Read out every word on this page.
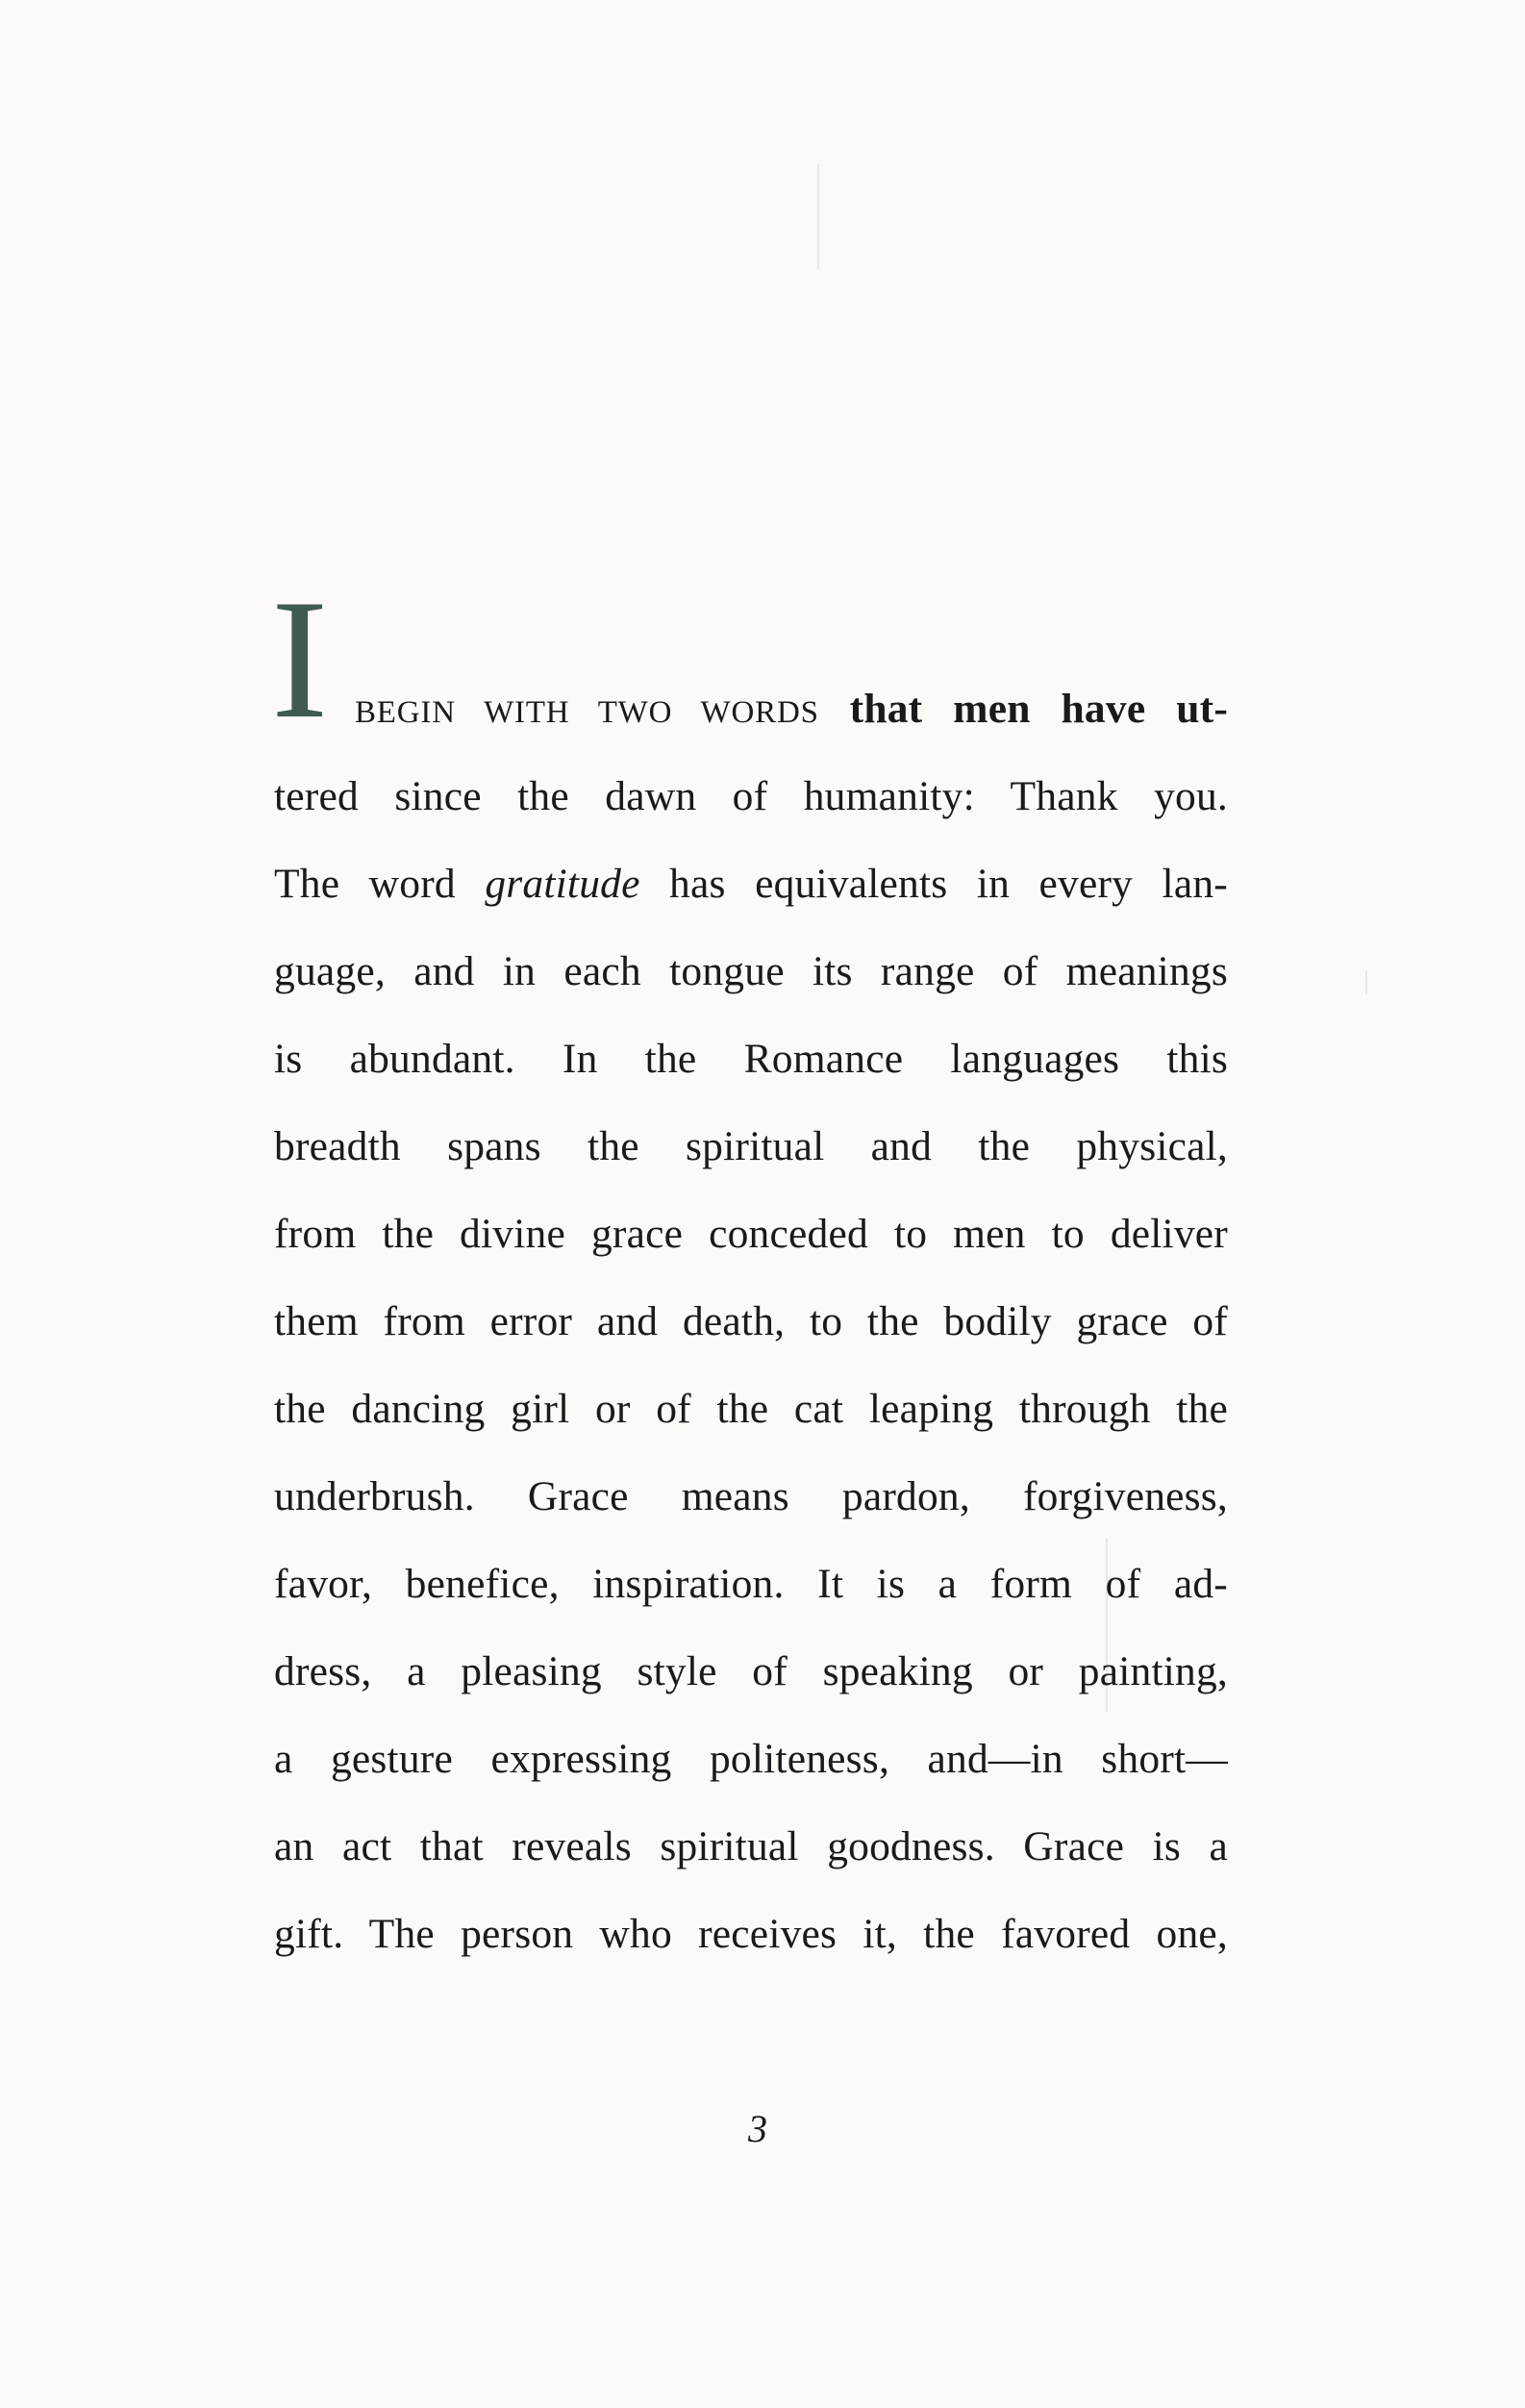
I BEGIN WITH TWO WORDS that men have ut-
tered since the dawn of humanity: Thank you.
The word gratitude has equivalents in every lan-
guage, and in each tongue its range of meanings
is abundant. In the Romance languages this
breadth spans the spiritual and the physical,
from the divine grace conceded to men to deliver
them from error and death, to the bodily grace of
the dancing girl or of the cat leaping through the
underbrush. Grace means pardon, forgiveness,
favor, benefice, inspiration. It is a form of ad-
dress, a pleasing style of speaking or painting,
a gesture expressing politeness, and—in short—
an act that reveals spiritual goodness. Grace is a
gift. The person who receives it, the favored one,
3
